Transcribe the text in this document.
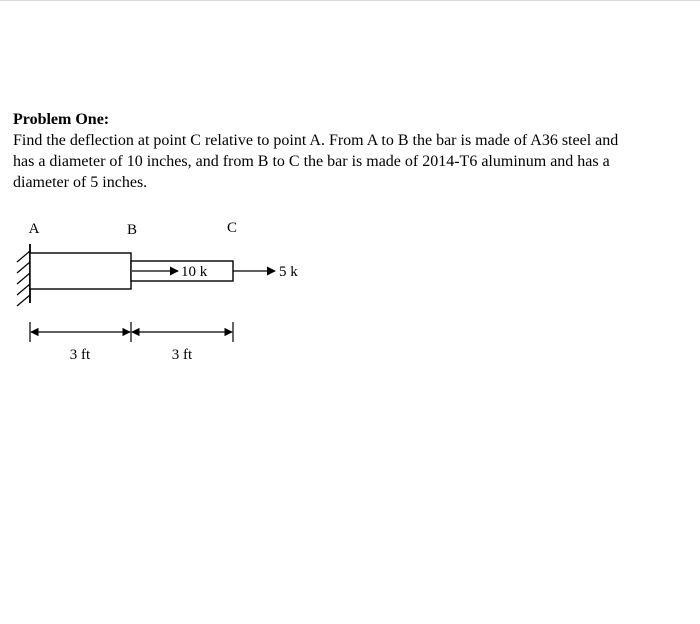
Problem One:
Find the deflection at point C relative to point A. From A to B the bar is made of A36 steel and
has a diameter of 10 inches, and from B to C the bar is made of 2014-T6 aluminum and has a
diameter of 5 inches.
A	B	C
10 k	5 k
3 ft	3 ft
